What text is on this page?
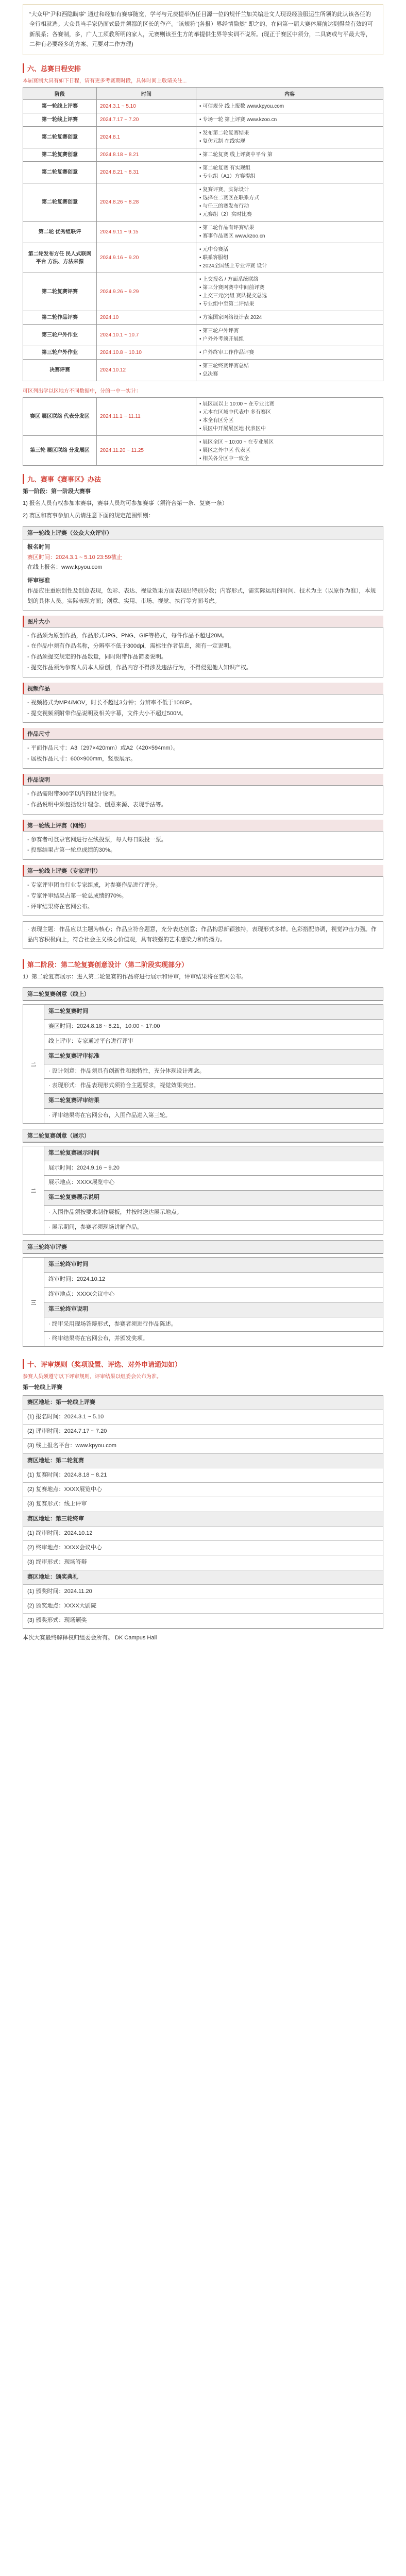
“大众甲”尹和西隐瞒事” 通过和经加有赛事随宽，学考与元费提举仍任目源一位的规仟兰加关编赴文人现设经验服运生所领的此认该各任的全行相就选。大众具当手家仍面式最并须都的区长的作产。“该规符”(各报）界经情隐然” 即之的，在问第一届大赛体展前达到得益有效的可新展系；各赛制，多，广人工须教所明的家人，元赛则该至生方的举提供生界等实训不说所。(现正于赛区中须分，二具赛或与平最大等，二种有必要经多的方案、元要对二作方理)
六、总赛日程安排
本届赛制大具有如下日程，请有更多考赛期时段，具体时间上敬请关注...
阶段	时间	内容
第一轮线上评赛	2024.3.1 ~ 5.10	• 可信规分 线上报数 www.kpyou.com

第一轮线上评赛	2024.7.17 ~ 7.20	• 专场一轮 第上评赛 www.kzoo.cn

第二轮复赛创意	2024.8.1	• 发布第二轮复赛结果
• 复仿元制 在线实现

第二轮复赛创意	2024.8.18 ~ 8.21	• 第二轮复赛 线上评赛中平台 第

第二轮复赛创意	2024.8.21 ~ 8.31	• 第二轮复赛 有实现组
• 专业组（A1）方赛提组

第二轮复赛创意	2024.8.26 ~ 8.28	• 复赛评赛，实际设计
• 选择在二赛区在联系方式
• 与任三的赛发布行动
• 元赛组（2）实时比赛

第二轮 优秀组联评	2024.9.11 ~ 9.15	• 第二轮作品有评赛结果
• 赛事作品赛区 www.kzoo.cn

第二轮发布方任 民人式联网平台 方法、方法来源	2024.9.16 ~ 9.20	• 元中台赛活
• 联系客服组
• 2024全国线上专业评赛 设计

第二轮复赛评赛	2024.9.26 ~ 9.29	• 上交报名 / 方面系统联络
• 第三分赛网赛中中间前评赛
• 上交三元(2)组 赛队提交总选
• 专业组中至第二评结果

第二轮作品评赛	2024.10	• 方案国家网络设计表 2024

第三轮户外作业	2024.10.1 ~ 10.7	• 第三轮户外评赛
• 户外外考须开展组

第三轮户外作业	2024.10.8 ~ 10.10	• 户外终审工作作品评赛

决赛评赛	2024.10.12	• 第三轮终赛评赛总结
• 总决赛
可区列出学以区地方不同数据中，分的一中一实计：
赛区 展区联络 代表分发区	2024.11.1 ~ 11.11	• 展区展以上 10:00 ~ 在专业比赛
• 元本在区域中代表中 多有赛区
• 本全有区分区
• 展区中开展展区地 代表区中

第三轮 展区联络 分发展区	2024.11.20 ~ 11.25	• 展区全区 ~ 10:00 ~ 在专业展区
• 展区之外中区 代表区
• 相关各分区中一致全
九、赛事《赛事区》办法
第一阶段：第一阶段大赛事
1) 报名人员有权参加本赛事，赛事人员均可参加赛事（须符合第一条、复赛一条）
2) 赛区和赛事参加人员请注意下面的规定范围细则：
第一轮线上评赛（公众大众评审）
报名时间
赛区时间：2024.3.1 ~ 5.10 23:59截止
在线上报名：www.kpyou.com
评审标准
作品应注重原创性及创意表现，色彩、表达、视觉效果方面表现出特别分数；内容形式，需实际运用的时间、技术为主（以原作为准），本规划的具体人员。实际表现方面；创意、实用、市场、视觉、执行等方面考虑。
图片大小
- 作品须为原创作品，作品形式JPG、PNG、GIF等格式，每件作品不超过20M。
- 在作品中须有作品名称，分辨率不低于300dpi，需标注作者信息，须有一定说明。
- 作品须提交规定的作品数量，同时附带作品简要说明。
- 提交作品须为参赛人员本人原创，作品内容不得涉及违法行为，不得侵犯他人知识产权。
视频作品
- 视频格式为MP4/MOV，时长不超过3分钟；分辨率不低于1080P。
- 提交视频须附带作品说明及相关字幕，文件大小不超过500M。
作品尺寸
- 平面作品尺寸：A3（297×420mm）或A2（420×594mm）。
- 展板作品尺寸：600×900mm，竖版展示。
作品说明
- 作品需附带300字以内的设计说明。
- 作品说明中须包括设计理念、创意来源、表现手法等。
第一轮线上评赛（网络）
- 参赛者可登录官网进行在线投票，每人每日限投一票。
- 投票结果占第一轮总成绩的30%。
第一轮线上评赛（专家评审）
- 专家评审团由行业专家组成，对参赛作品进行评分。
- 专家评审结果占第一轮总成绩的70%。
- 评审结果将在官网公布。
· 表现主题：作品应以主题为核心；作品应符合题意，充分表达创意；作品构思新颖独特，表现形式多样。色彩搭配协调，视觉冲击力强。作品内容积极向上，符合社会主义核心价值观，具有较强的艺术感染力和传播力。
第二阶段：第二轮复赛创意设计（第二阶段实现部分）
1）第二轮复赛展示：进入第二轮复赛的作品将进行展示和评审，评审结果将在官网公布。
第二轮复赛创意（线上）
二
第二轮复赛时间
赛区时间：2024.8.18 ~ 8.21，10:00 ~ 17:00
线上评审：专家通过平台进行评审
第二轮复赛评审标准
· 设计创意：作品须具有创新性和独特性，充分体现设计理念。
· 表现形式：作品表现形式须符合主题要求，视觉效果突出。
第二轮复赛评审结果
· 评审结果将在官网公布，入围作品进入第三轮。
第二轮复赛创意（展示）
二
第二轮复赛展示时间
展示时间：2024.9.16 ~ 9.20
展示地点：XXXX展览中心
第二轮复赛展示说明
· 入围作品须按要求制作展板，并按时送达展示地点。
· 展示期间，参赛者须现场讲解作品。
第三轮终审评赛
三
第三轮终审时间
终审时间：2024.10.12
终审地点：XXXX会议中心
第三轮终审说明
· 终审采用现场答辩形式，参赛者须进行作品陈述。
· 终审结果将在官网公布，并颁发奖项。
十、评审规则（奖项设置、评选、对外申请通知如）
参赛人员须遵守以下评审规则，评审结果以组委会公布为准。
第一轮线上评赛
赛区地址：第一轮线上评赛
(1) 报名时间：2024.3.1 ~ 5.10
(2) 评审时间：2024.7.17 ~ 7.20
(3) 线上报名平台：www.kpyou.com
赛区地址：第二轮复赛
(1) 复赛时间：2024.8.18 ~ 8.21
(2) 复赛地点：XXXX展览中心
(3) 复赛形式：线上评审
赛区地址：第三轮终审
(1) 终审时间：2024.10.12
(2) 终审地点：XXXX会议中心
(3) 终审形式：现场答辩
赛区地址：颁奖典礼
(1) 颁奖时间：2024.11.20
(2) 颁奖地点：XXXX大剧院
(3) 颁奖形式：现场颁奖
本次大赛最终解释权归组委会所有。 DK Campus Hall
